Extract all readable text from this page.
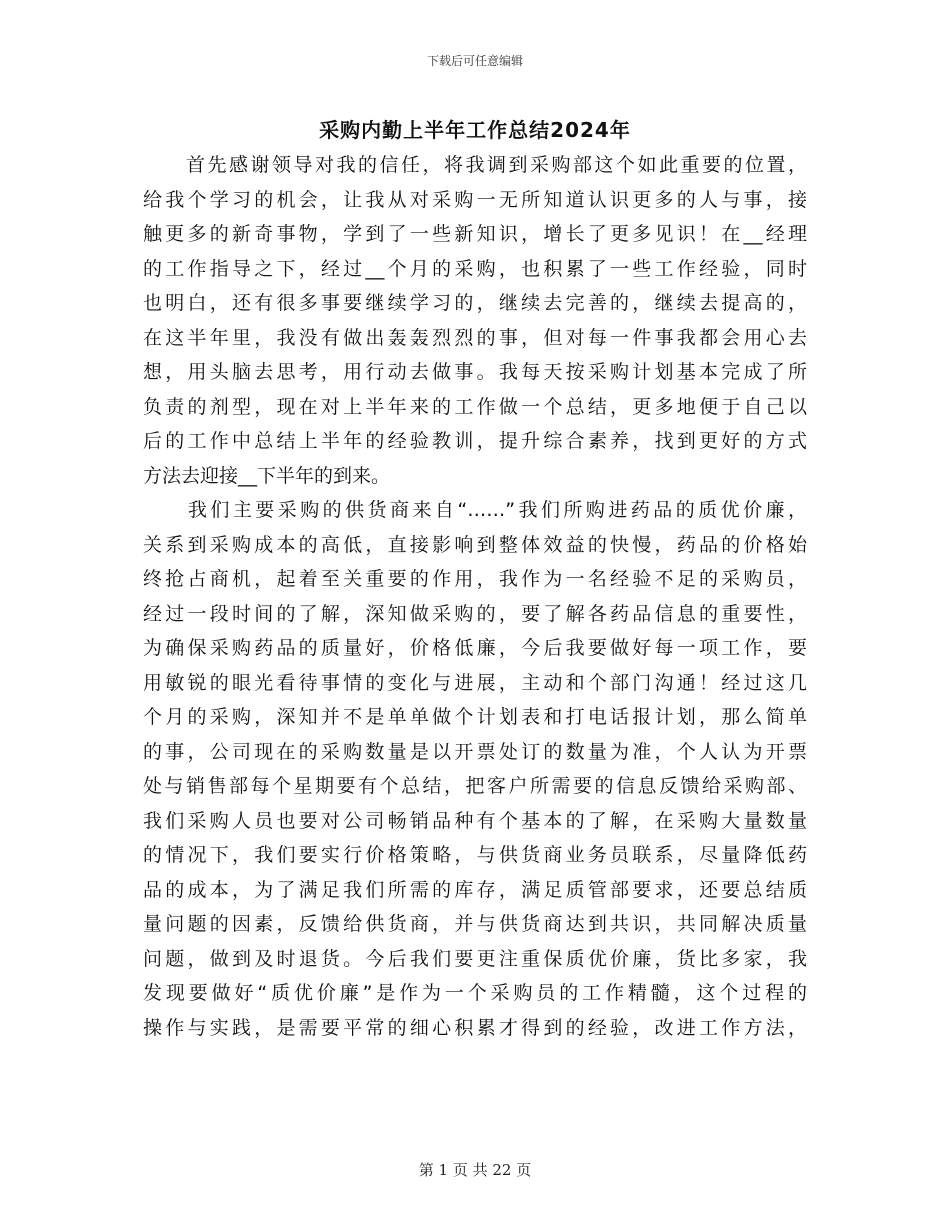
下载后可任意编辑
采购内勤上半年工作总结2024年
　　首先感谢领导对我的信任，将我调到采购部这个如此重要的位置，
给我个学习的机会，让我从对采购一无所知道认识更多的人与事，接
触更多的新奇事物，学到了一些新知识，增长了更多见识！在__经理
的工作指导之下，经过__个月的采购，也积累了一些工作经验，同时
也明白，还有很多事要继续学习的，继续去完善的，继续去提高的，
在这半年里，我没有做出轰轰烈烈的事，但对每一件事我都会用心去
想，用头脑去思考，用行动去做事。我每天按采购计划基本完成了所
负责的剂型，现在对上半年来的工作做一个总结，更多地便于自己以
后的工作中总结上半年的经验教训，提升综合素养，找到更好的方式
方法去迎接__下半年的到来。
　　我们主要采购的供货商来自“……”我们所购进药品的质优价廉，
关系到采购成本的高低，直接影响到整体效益的快慢，药品的价格始
终抢占商机，起着至关重要的作用，我作为一名经验不足的采购员，
经过一段时间的了解，深知做采购的，要了解各药品信息的重要性，
为确保采购药品的质量好，价格低廉，今后我要做好每一项工作，要
用敏锐的眼光看待事情的变化与进展，主动和个部门沟通！经过这几
个月的采购，深知并不是单单做个计划表和打电话报计划，那么简单
的事，公司现在的采购数量是以开票处订的数量为准，个人认为开票
处与销售部每个星期要有个总结，把客户所需要的信息反馈给采购部、
我们采购人员也要对公司畅销品种有个基本的了解，在采购大量数量
的情况下，我们要实行价格策略，与供货商业务员联系，尽量降低药
品的成本，为了满足我们所需的库存，满足质管部要求，还要总结质
量问题的因素，反馈给供货商，并与供货商达到共识，共同解决质量
问题，做到及时退货。今后我们要更注重保质优价廉，货比多家，我
发现要做好“质优价廉”是作为一个采购员的工作精髓，这个过程的
操作与实践，是需要平常的细心积累才得到的经验，改进工作方法，
第 1 页 共 22 页
